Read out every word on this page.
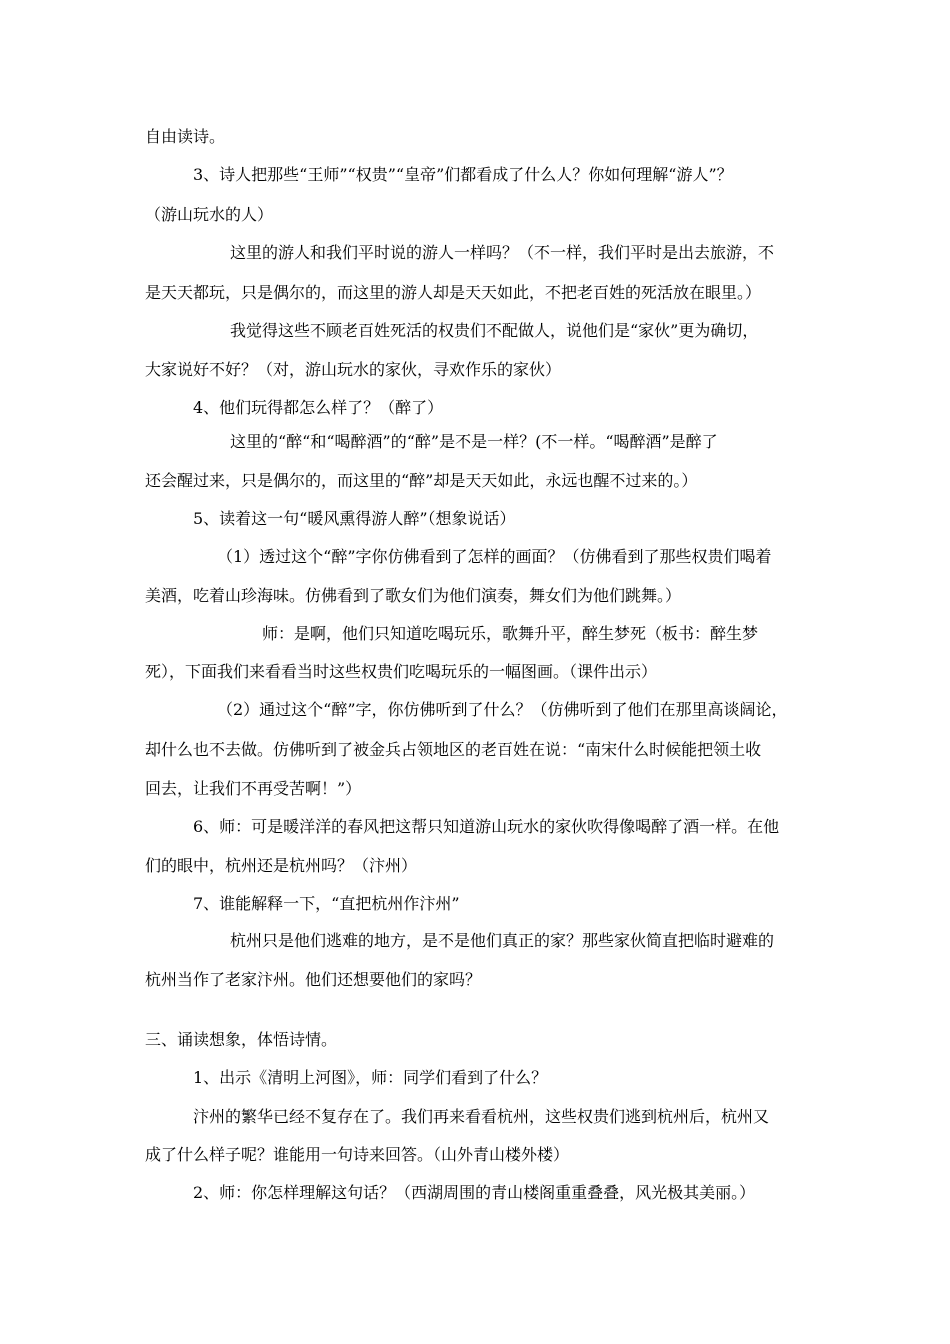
自由读诗。
3、诗人把那些“王师”“权贵”“皇帝”们都看成了什么人？你如何理解“游人”？
（游山玩水的人）
这里的游人和我们平时说的游人一样吗？（不一样，我们平时是出去旅游，不
是天天都玩，只是偶尔的，而这里的游人却是天天如此，不把老百姓的死活放在眼里。）
我觉得这些不顾老百姓死活的权贵们不配做人，说他们是“家伙”更为确切，
大家说好不好？（对，游山玩水的家伙，寻欢作乐的家伙）
4、他们玩得都怎么样了？（醉了）
这里的“醉“和“喝醉酒”的“醉”是不是一样？(不一样。“喝醉酒”是醉了
还会醒过来，只是偶尔的，而这里的“醉”却是天天如此，永远也醒不过来的。）
5、读着这一句“暖风熏得游人醉”（想象说话）
（1）透过这个“醉”字你仿佛看到了怎样的画面？（仿佛看到了那些权贵们喝着
美酒，吃着山珍海味。仿佛看到了歌女们为他们演奏，舞女们为他们跳舞。）
师：是啊，他们只知道吃喝玩乐，歌舞升平，醉生梦死（板书：醉生梦
死），下面我们来看看当时这些权贵们吃喝玩乐的一幅图画。（课件出示）
（2）通过这个“醉”字，你仿佛听到了什么？（仿佛听到了他们在那里高谈阔论，
却什么也不去做。仿佛听到了被金兵占领地区的老百姓在说：“南宋什么时候能把领土收
回去，让我们不再受苦啊！”）
6、师：可是暖洋洋的春风把这帮只知道游山玩水的家伙吹得像喝醉了酒一样。在他
们的眼中，杭州还是杭州吗？（汴州）
7、谁能解释一下，“直把杭州作汴州”
杭州只是他们逃难的地方，是不是他们真正的家？那些家伙简直把临时避难的
杭州当作了老家汴州。他们还想要他们的家吗？
三、诵读想象，体悟诗情。
1、出示《清明上河图》，师：同学们看到了什么？
汴州的繁华已经不复存在了。我们再来看看杭州，这些权贵们逃到杭州后，杭州又
成了什么样子呢？谁能用一句诗来回答。（山外青山楼外楼）
2、师：你怎样理解这句话？（西湖周围的青山楼阁重重叠叠，风光极其美丽。）
